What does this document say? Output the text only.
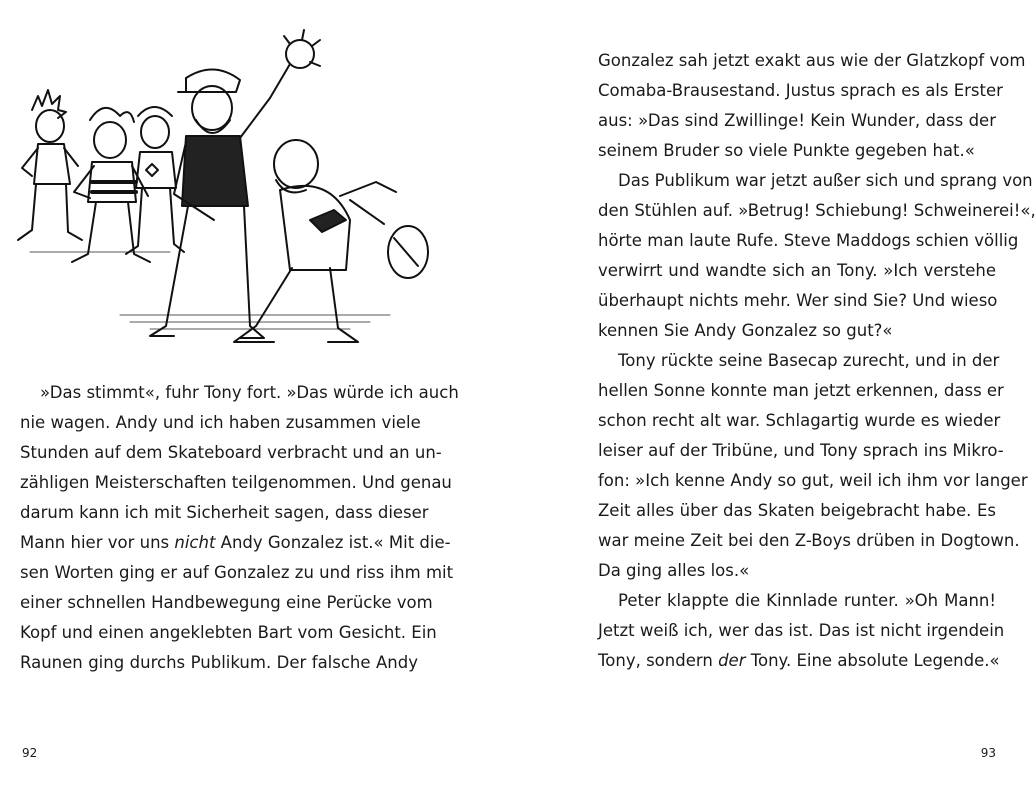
»Das stimmt«, fuhr Tony fort. »Das würde ich auch
nie wagen. Andy und ich haben zusammen viele
Stunden auf dem Skateboard verbracht und an un-
zähligen Meisterschaften teilgenommen. Und genau
darum kann ich mit Sicherheit sagen, dass dieser
Mann hier vor uns nicht Andy Gonzalez ist.« Mit die-
sen Worten ging er auf Gonzalez zu und riss ihm mit
einer schnellen Handbewegung eine Perücke vom
Kopf und einen angeklebten Bart vom Gesicht. Ein
Raunen ging durchs Publikum. Der falsche Andy
92
Gonzalez sah jetzt exakt aus wie der Glatzkopf vom
Comaba-Brausestand. Justus sprach es als Erster
aus: »Das sind Zwillinge! Kein Wunder, dass der
seinem Bruder so viele Punkte gegeben hat.«
Das Publikum war jetzt außer sich und sprang von
den Stühlen auf. »Betrug! Schiebung! Schweinerei!«,
hörte man laute Rufe. Steve Maddogs schien völlig
verwirrt und wandte sich an Tony. »Ich verstehe
überhaupt nichts mehr. Wer sind Sie? Und wieso
kennen Sie Andy Gonzalez so gut?«
Tony rückte seine Basecap zurecht, und in der
hellen Sonne konnte man jetzt erkennen, dass er
schon recht alt war. Schlagartig wurde es wieder
leiser auf der Tribüne, und Tony sprach ins Mikro-
fon: »Ich kenne Andy so gut, weil ich ihm vor langer
Zeit alles über das Skaten beigebracht habe. Es
war meine Zeit bei den Z-Boys drüben in Dogtown.
Da ging alles los.«
Peter klappte die Kinnlade runter. »Oh Mann!
Jetzt weiß ich, wer das ist. Das ist nicht irgendein
Tony, sondern der Tony. Eine absolute Legende.«
93
